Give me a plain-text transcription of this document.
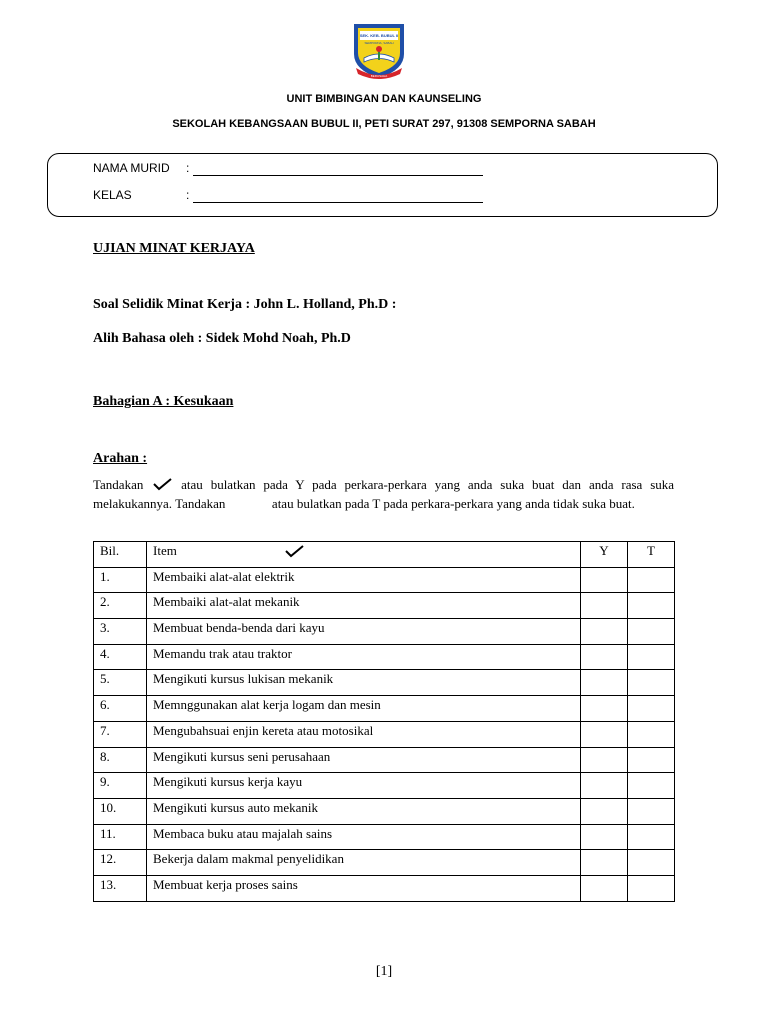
SEK. KEB. BUBUL II
SEMPORNA, SABAH
BERUSAHA
UNIT BIMBINGAN DAN KAUNSELING
SEKOLAH KEBANGSAAN BUBUL II, PETI SURAT 297, 91308 SEMPORNA SABAH
NAMA MURID :
KELAS	:
UJIAN MINAT KERJAYA
Soal Selidik Minat Kerja : John L. Holland, Ph.D :
Alih Bahasa oleh : Sidek Mohd Noah, Ph.D
Bahagian A : Kesukaan
Arahan :
Tandakan	atau bulatkan pada Y pada perkara-perkara yang anda suka buat dan anda rasa suka melakukannya. Tandakan	atau bulatkan pada T pada perkara-perkara yang anda tidak suka buat.
Bil.	Item	Y	T
1.	Membaiki alat-alat elektrik		
2.	Membaiki alat-alat mekanik		
3.	Membuat benda-benda dari kayu		
4.	Memandu trak atau traktor		
5.	Mengikuti kursus lukisan mekanik		
6.	Memnggunakan alat kerja logam dan mesin		
7.	Mengubahsuai enjin kereta atau motosikal		
8.	Mengikuti kursus seni perusahaan		
9.	Mengikuti kursus kerja kayu		
10.	Mengikuti kursus auto mekanik		
11.	Membaca buku atau majalah sains		
12.	Bekerja dalam makmal penyelidikan		
13.	Membuat kerja proses sains		
[1]
